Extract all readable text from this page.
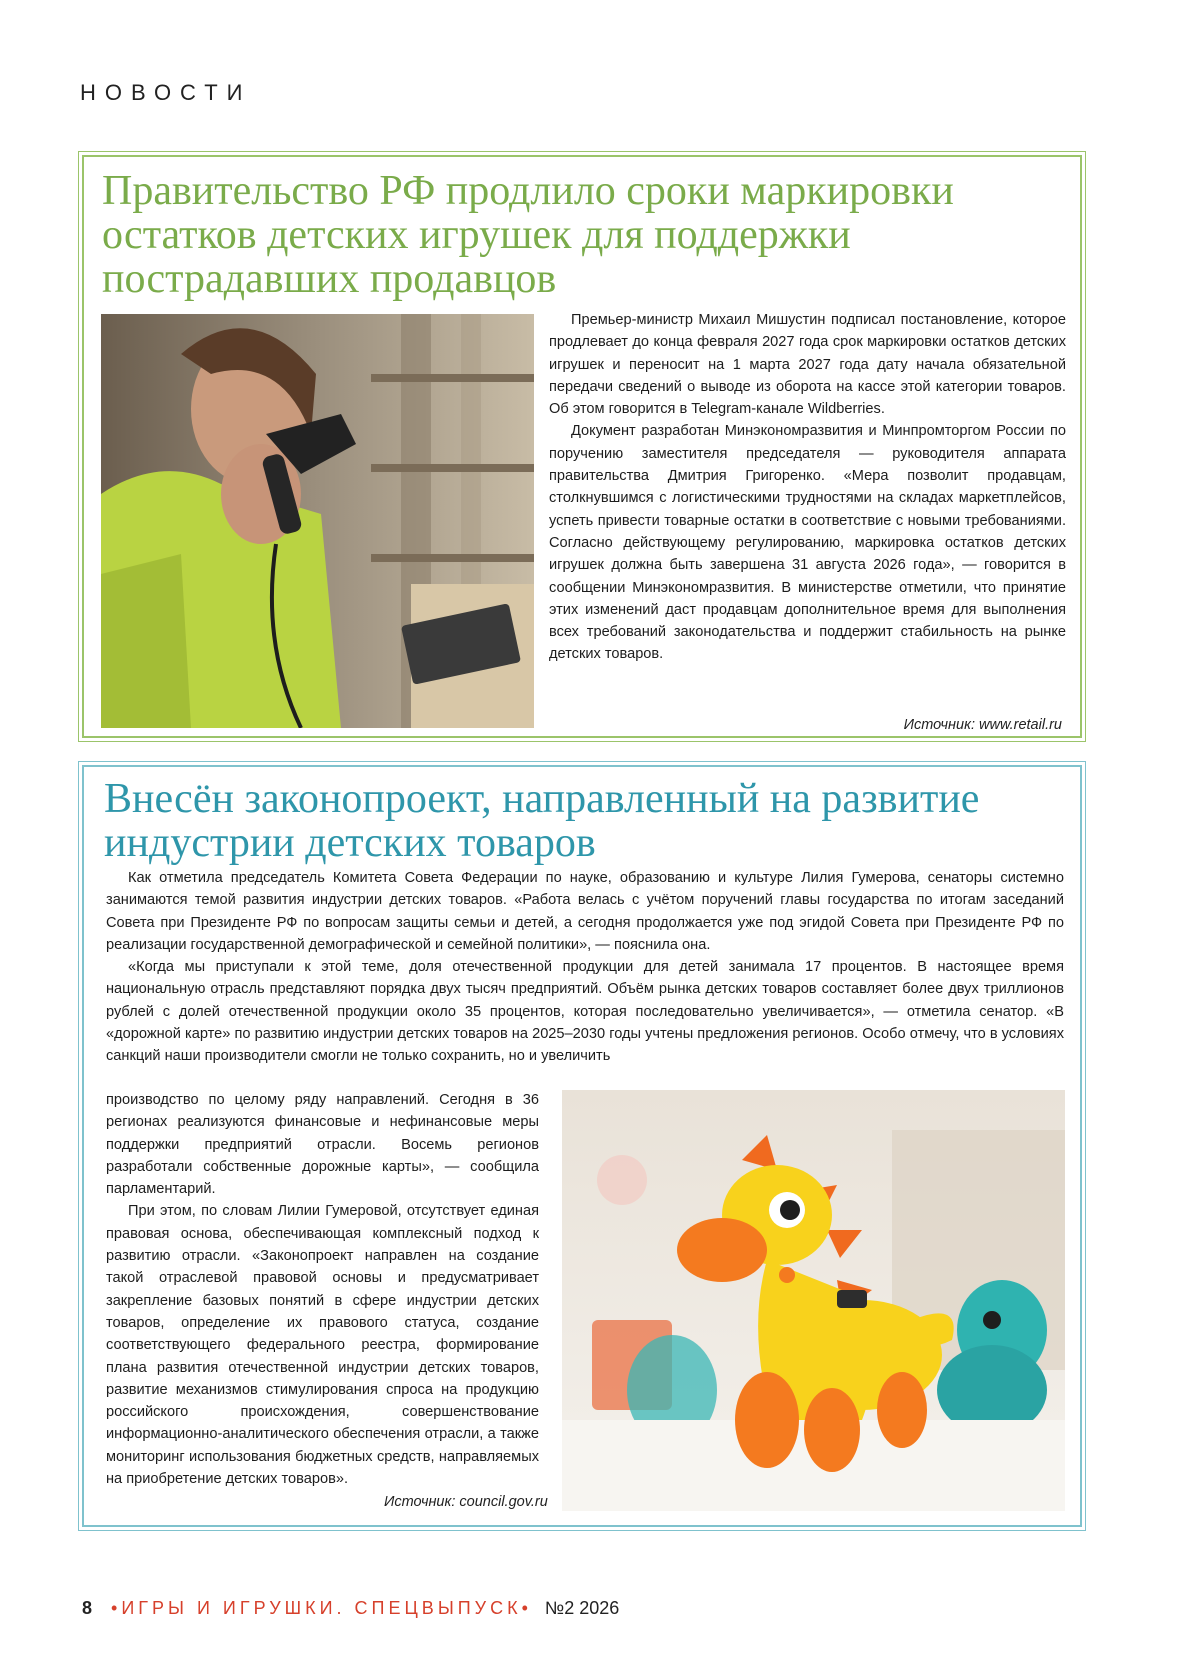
НОВОСТИ
Правительство РФ продлило сроки маркировки остатков детских игрушек для поддержки пострадавших продавцов

Премьер-министр Михаил Мишустин подписал постановление, которое продлевает до конца февраля 2027 года срок маркировки остатков детских игрушек и переносит на 1 марта 2027 года дату начала обязательной передачи сведений о выводе из оборота на кассе этой категории товаров. Об этом говорится в Telegram-канале Wildberries.

Документ разработан Минэкономразвития и Минпромторгом России по поручению заместителя председателя — руководителя аппарата правительства Дмитрия Григоренко. «Мера позволит продавцам, столкнувшимся с логистическими трудностями на складах маркетплейсов, успеть привести товарные остатки в соответствие с новыми требованиями. Согласно действующему регулированию, маркировка остатков детских игрушек должна быть завершена 31 августа 2026 года», — говорится в сообщении Минэкономразвития. В министерстве отметили, что принятие этих изменений даст продавцам дополнительное время для выполнения всех требований законодательства и поддержит стабильность на рынке детских товаров.

Источник: www.retail.ru
Внесён законопроект, направленный на развитие индустрии детских товаров

Как отметила председатель Комитета Совета Федерации по науке, образованию и культуре Лилия Гумерова, сенаторы системно занимаются темой развития индустрии детских товаров. «Работа велась с учётом поручений главы государства по итогам заседаний Совета при Президенте РФ по вопросам защиты семьи и детей, а сегодня продолжается уже под эгидой Совета при Президенте РФ по реализации государственной демографической и семейной политики», — пояснила она.

«Когда мы приступали к этой теме, доля отечественной продукции для детей занимала 17 процентов. В настоящее время национальную отрасль представляют порядка двух тысяч предприятий. Объём рынка детских товаров составляет более двух триллионов рублей с долей отечественной продукции около 35 процентов, которая последовательно увеличивается», — отметила сенатор. «В «дорожной карте» по развитию индустрии детских товаров на 2025–2030 годы учтены предложения регионов. Особо отмечу, что в условиях санкций наши производители смогли не только сохранить, но и увеличить

производство по целому ряду направлений. Сегодня в 36 регионах реализуются финансовые и нефинансовые меры поддержки предприятий отрасли. Восемь регионов разработали собственные дорожные карты», — сообщила парламентарий.

При этом, по словам Лилии Гумеровой, отсутствует единая правовая основа, обеспечивающая комплексный подход к развитию отрасли. «Законопроект направлен на создание такой отраслевой правовой основы и предусматривает закрепление базовых понятий в сфере индустрии детских товаров, определение их правового статуса, создание соответствующего федерального реестра, формирование плана развития отечественной индустрии детских товаров, развитие механизмов стимулирования спроса на продукцию российского происхождения, совершенствование информационно-аналитического обеспечения отрасли, а также мониторинг использования бюджетных средств, направляемых на приобретение детских товаров».

Источник: council.gov.ru
8 •ИГРЫ И ИГРУШКИ. СПЕЦВЫПУСК• №2 2026
